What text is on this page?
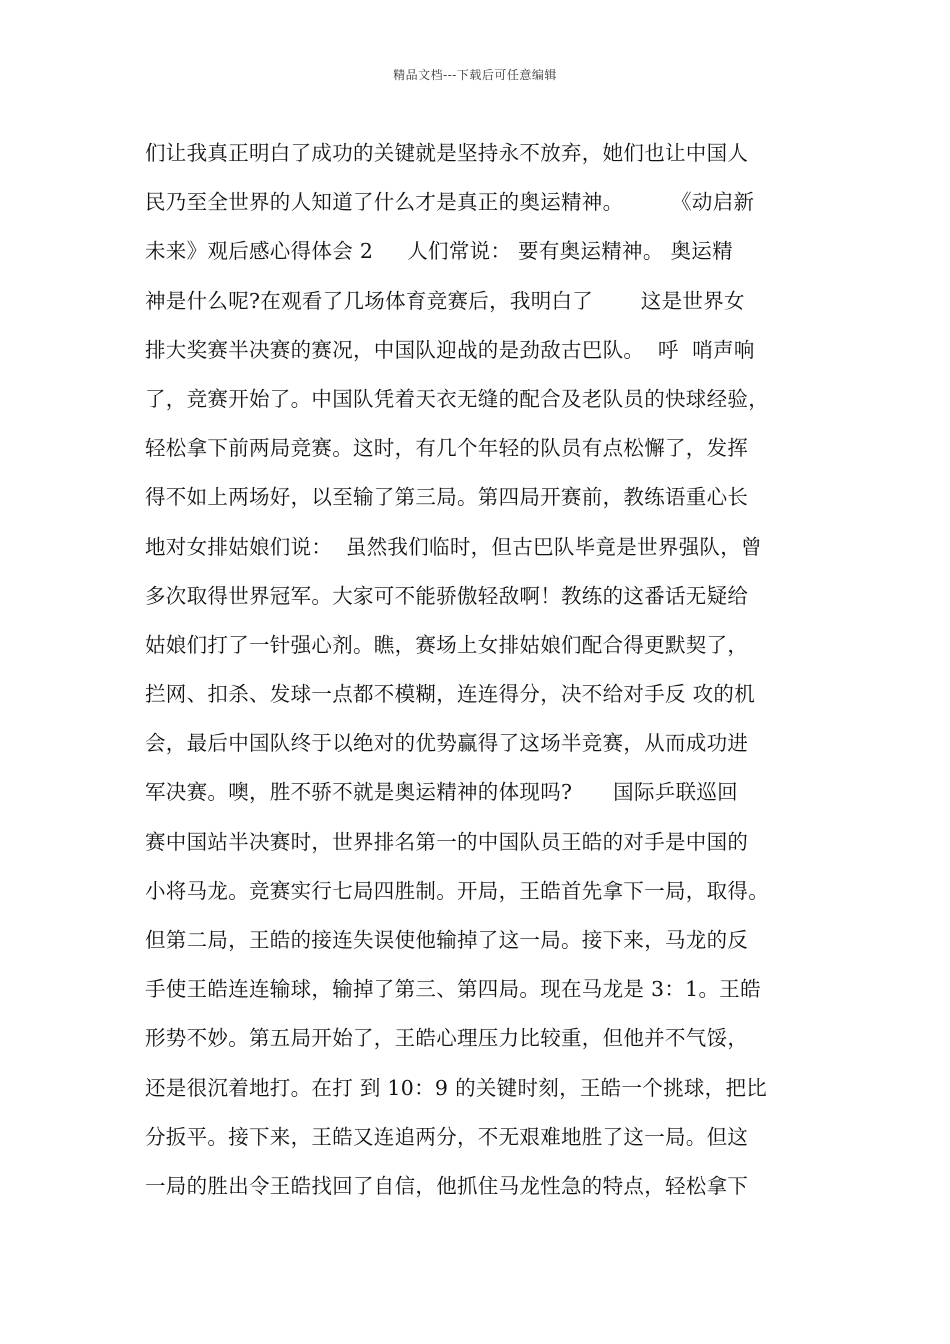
精品文档---下载后可任意编辑
们让我真正明白了成功的关键就是坚持永不放弃，她们也让中国人
民乃至全世界的人知道了什么才是真正的奥运精神。       《动启新
未来》观后感心得体会 2     人们常说： 要有奥运精神。 奥运精
神是什么呢?在观看了几场体育竞赛后，我明白了       这是世界女
排大奖赛半决赛的赛况，中国队迎战的是劲敌古巴队。  呼  哨声响
了，竞赛开始了。中国队凭着天衣无缝的配合及老队员的快球经验，
轻松拿下前两局竞赛。这时，有几个年轻的队员有点松懈了，发挥
得不如上两场好，以至输了第三局。第四局开赛前，教练语重心长
地对女排姑娘们说：  虽然我们临时，但古巴队毕竟是世界强队，曾
多次取得世界冠军。大家可不能骄傲轻敌啊！教练的这番话无疑给
姑娘们打了一针强心剂。瞧，赛场上女排姑娘们配合得更默契了，
拦网、扣杀、发球一点都不模糊，连连得分，决不给对手反 攻的机
会，最后中国队终于以绝对的优势赢得了这场半竞赛，从而成功进
军决赛。噢，胜不骄不就是奥运精神的体现吗?      国际乒联巡回
赛中国站半决赛时，世界排名第一的中国队员王皓的对手是中国的
小将马龙。竞赛实行七局四胜制。开局，王皓首先拿下一局，取得。
但第二局，王皓的接连失误使他输掉了这一局。接下来，马龙的反
手使王皓连连输球，输掉了第三、第四局。现在马龙是 3：1。王皓
形势不妙。第五局开始了，王皓心理压力比较重，但他并不气馁，
还是很沉着地打。在打 到 10：9 的关键时刻，王皓一个挑球，把比
分扳平。接下来，王皓又连追两分，不无艰难地胜了这一局。但这
一局的胜出令王皓找回了自信，他抓住马龙性急的特点，轻松拿下
